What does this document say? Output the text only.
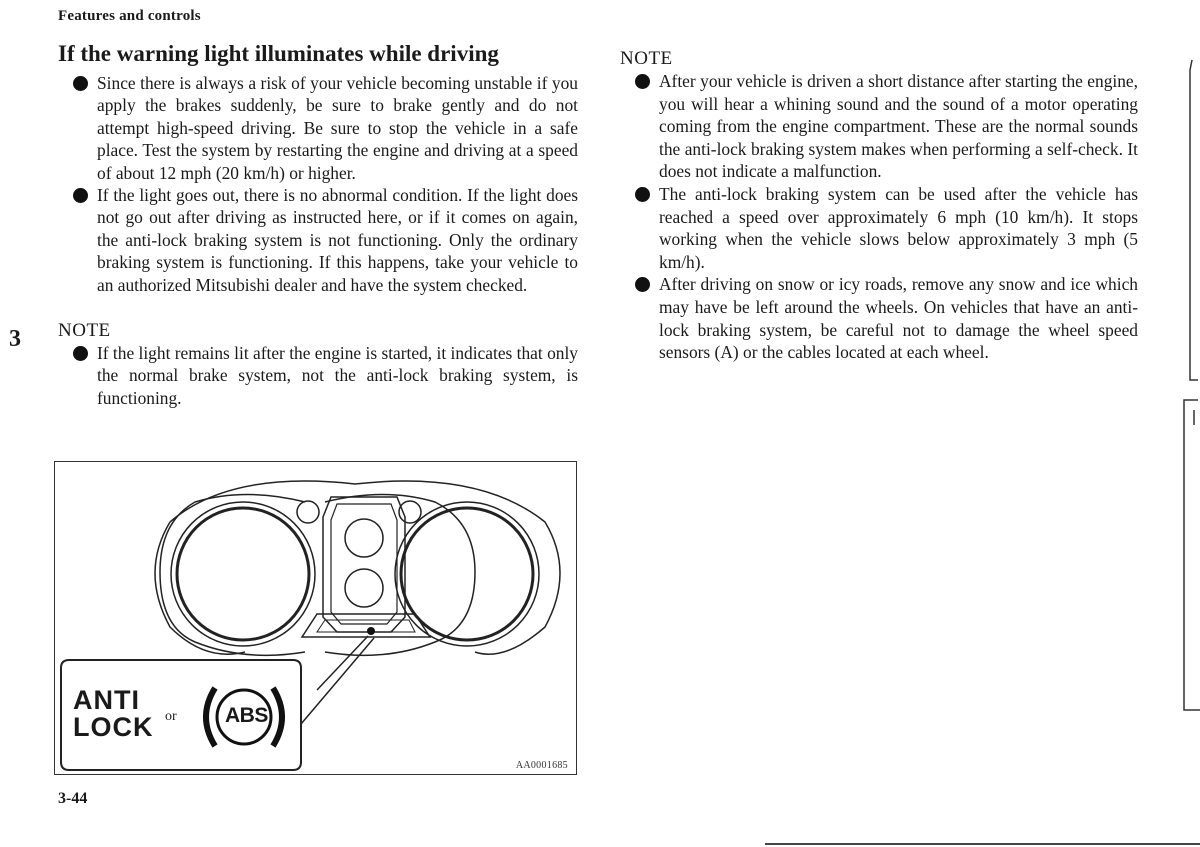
Features and controls
3
If the warning light illuminates while driving
Since there is always a risk of your vehicle becoming unstable if you apply the brakes suddenly, be sure to brake gently and do not attempt high-speed driving. Be sure to stop the vehicle in a safe place. Test the system by restarting the engine and driving at a speed of about 12 mph (20 km/h) or higher.
If the light goes out, there is no abnormal condition. If the light does not go out after driving as instructed here, or if it comes on again, the anti-lock braking system is not functioning. Only the ordinary braking system is functioning. If this happens, take your vehicle to an authorized Mitsubishi dealer and have the system checked.

NOTE

If the light remains lit after the engine is started, it indicates that only the normal brake system, not the anti-lock braking system, is functioning.
ANTI
LOCK or ABS
AA0001685

NOTE

After your vehicle is driven a short distance after starting the engine, you will hear a whining sound and the sound of a motor operating coming from the engine compartment. These are the normal sounds the anti-lock braking system makes when performing a self-check. It does not indicate a malfunction.
The anti-lock braking system can be used after the vehicle has reached a speed over approximately 6 mph (10 km/h). It stops working when the vehicle slows below approximately 3 mph (5 km/h).
After driving on snow or icy roads, remove any snow and ice which may have be left around the wheels. On vehicles that have an anti-lock braking system, be careful not to damage the wheel speed sensors (A) or the cables located at each wheel.
3-44
